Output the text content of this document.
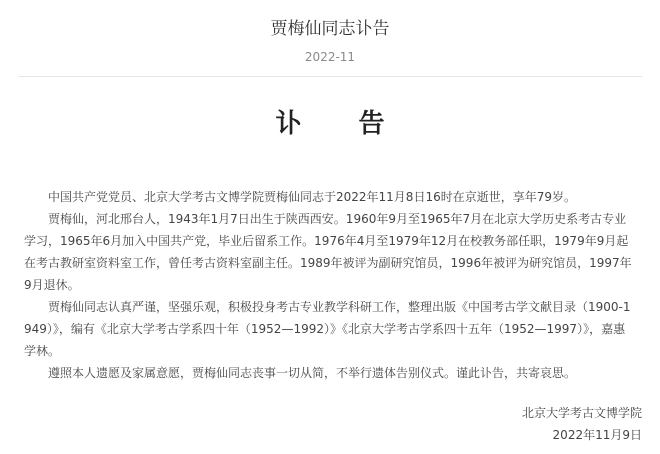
贾梅仙同志讣告
2022-11
讣 告

中国共产党党员、北京大学考古文博学院贾梅仙同志于2022年11月8日16时在京逝世，享年79岁。

贾梅仙，河北邢台人，1943年1月7日出生于陕西西安。1960年9月至1965年7月在北京大学历史系考古专业学习，1965年6月加入中国共产党，毕业后留系工作。1976年4月至1979年12月在校教务部任职，1979年9月起在考古教研室资料室工作，曾任考古资料室副主任。1989年被评为副研究馆员，1996年被评为研究馆员，1997年9月退休。

贾梅仙同志认真严谨，坚强乐观，积极投身考古专业教学科研工作，整理出版《中国考古学文献目录（1900-1949）》，编有《北京大学考古学系四十年（1952—1992）》《北京大学考古学系四十五年（1952—1997）》，嘉惠学林。

遵照本人遗愿及家属意愿，贾梅仙同志丧事一切从简，不举行遗体告别仪式。谨此讣告，共寄哀思。

北京大学考古文博学院
2022年11月9日
